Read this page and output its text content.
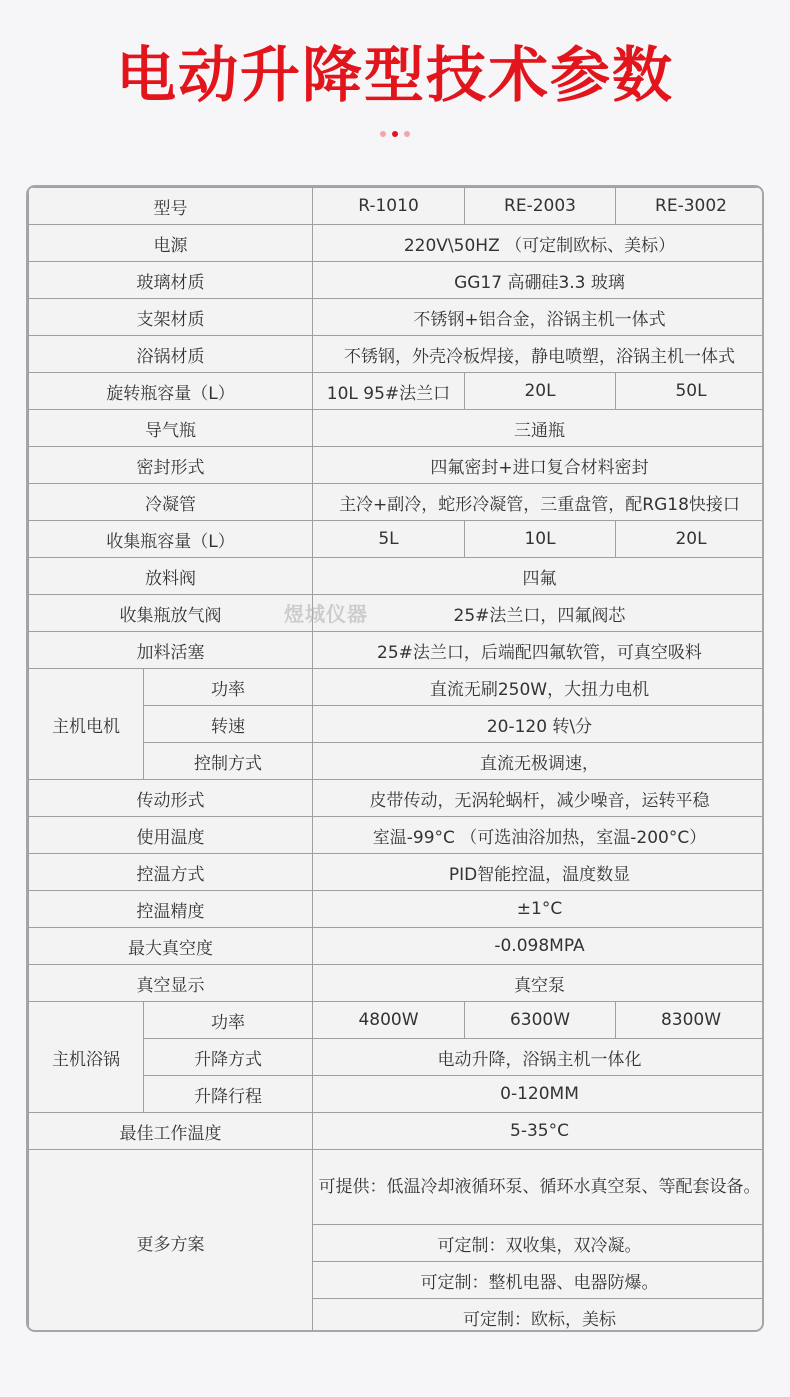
电动升降型技术参数
型号		R-1010	RE-2003	RE-3002
电源		220V\50HZ （可定制欧标、美标）		
玻璃材质		GG17 高硼硅3.3 玻璃		
支架材质		不锈钢+铝合金，浴锅主机一体式		
浴锅材质		不锈钢，外壳冷板焊接，静电喷塑，浴锅主机一体式		
旋转瓶容量（L）		10L 95#法兰口	20L	50L
导气瓶		三通瓶		
密封形式		四氟密封+进口复合材料密封		
冷凝管		主冷+副冷，蛇形冷凝管，三重盘管，配RG18快接口		
收集瓶容量（L）		5L	10L	20L
放料阀		四氟		
收集瓶放气阀		25#法兰口，四氟阀芯		
加料活塞		25#法兰口，后端配四氟软管，可真空吸料		
主机电机	功率	直流无刷250W，大扭力电机		
	转速	20-120 转\分		
	控制方式	直流无极调速，		
传动形式		皮带传动，无涡轮蜗杆，减少噪音，运转平稳		
使用温度		室温-99°C （可选油浴加热，室温-200°C）		
控温方式		PID智能控温，温度数显		
控温精度		±1°C		
最大真空度		-0.098MPA		
真空显示		真空泵		
主机浴锅	功率	4800W	6300W	8300W
	升降方式	电动升降，浴锅主机一体化		
	升降行程	0-120MM		
最佳工作温度		5-35°C		
更多方案		可提供：低温冷却液循环泵、循环水真空泵、等配套设备。		
		可定制：双收集，双冷凝。		
		可定制：整机电器、电器防爆。		
		可定制：欧标，美标		
煜城仪器
